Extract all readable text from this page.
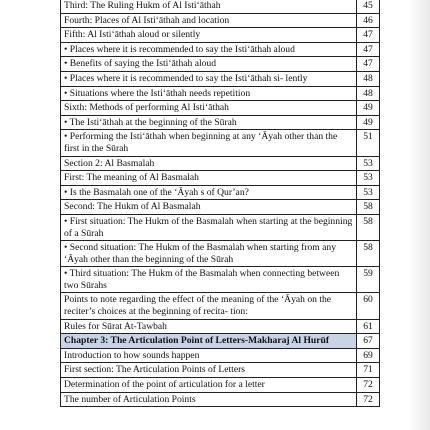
Third: The Ruling Hukm of Al Isti‘āthah	45
Fourth: Places of Al Isti‘āthah and location	46
Fifth: Al Isti‘āthah aloud or silently	47
• Places where it is recommended to say the Isti‘āthah aloud	47
• Benefits of saying the Isti‘āthah aloud	47
• Places where it is recommended to say the Isti‘āthah si- lently	48
• Situations where the Isti‘āthah needs repetition	48
Sixth: Methods of performing Al Isti‘āthah	49
• The Isti‘āthah at the beginning of the Sūrah	49
• Performing the Isti‘āthah when beginning at any ‘Āyah other than the first in the Sūrah	51
Section 2: Al Basmalah	53
First: The meaning of Al Basmalah	53
• Is the Basmalah one of the ‘Āyah s of Qur’an?	53
Second: The Hukm of Al Basmalah	58
• First situation: The Hukm of the Basmalah when starting at the beginning of a Sūrah	58
• Second situation: The Hukm of the Basmalah when starting from any ‘Āyah other than the beginning of the Sūrah	58
• Third situation: The Hukm of the Basmalah when connecting between two Sūrahs	59
Points to note regarding the effect of the meaning of the ‘Āyah on the reciter’s choices at the beginning of recita- tion:	60
Rules for Sūrat At-Tawbah	61
Chapter 3: The Articulation Point of Letters-Makharaj Al Hurūf	67
Introduction to how sounds happen	69
First section: The Articulation Points of Letters	71
Determination of the point of articulation for a letter	72
The number of Articulation Points	72
